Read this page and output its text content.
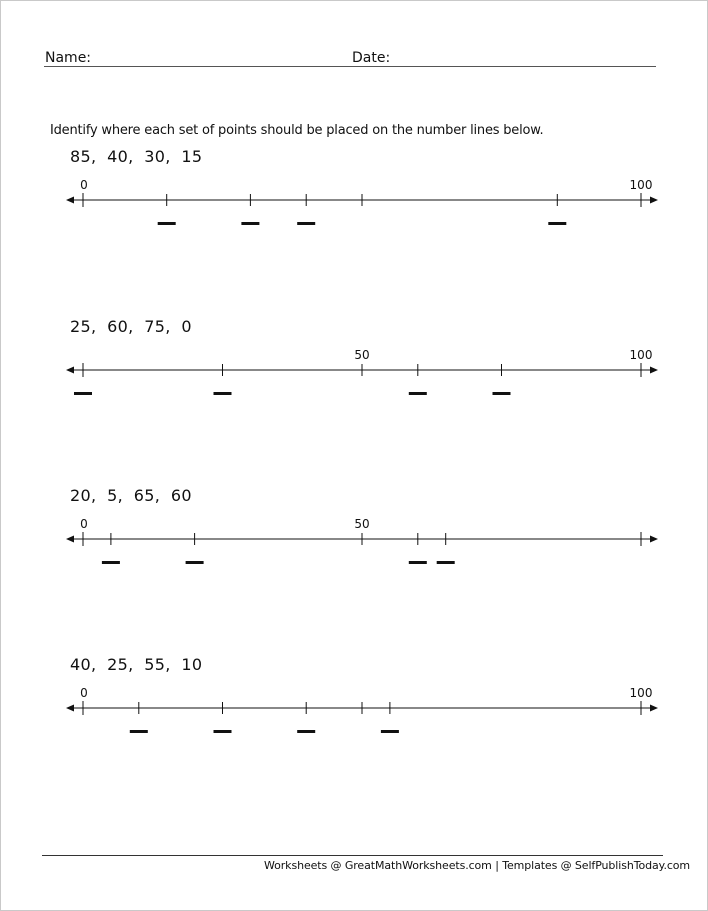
Name:	Date:
Identify where each set of points should be placed on the number lines below.
85,  40,  30,  15
0	100
25,  60,  75,  0
100
50
20,  5,  65,  60
0	50
40,  25,  55,  10
0	100
Worksheets @ GreatMathWorksheets.com | Templates @ SelfPublishToday.com
